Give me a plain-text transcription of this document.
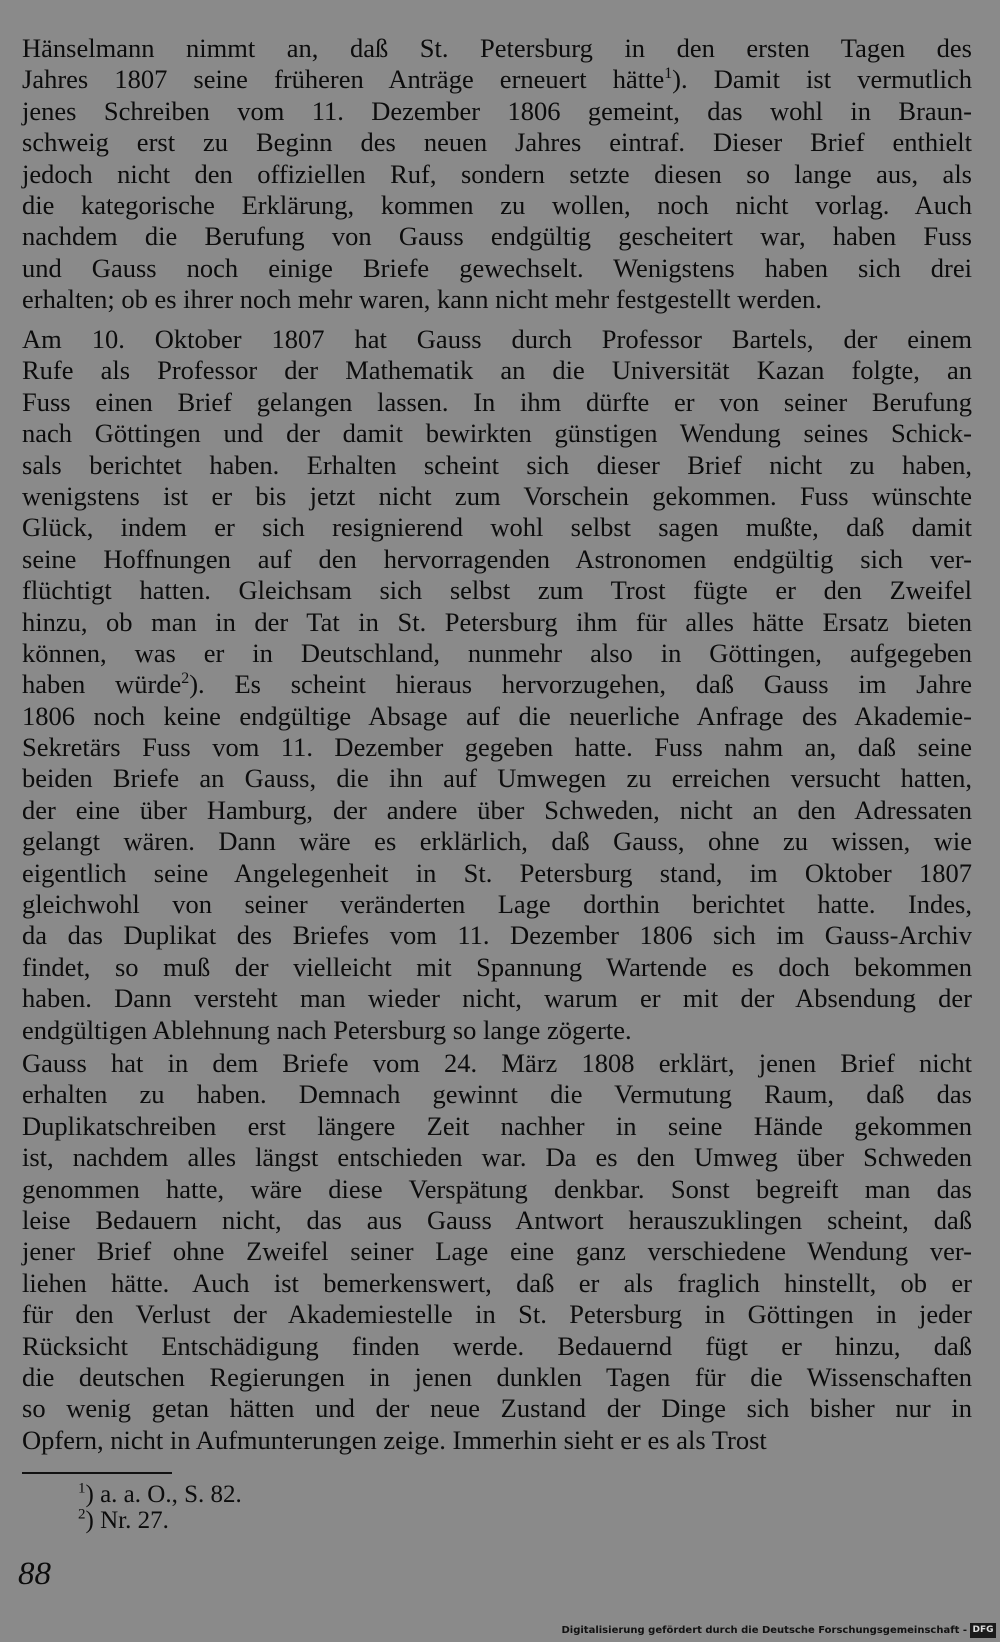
Hänselmann nimmt an, daß St. Petersburg in den ersten Tagen des
Jahres 1807 seine früheren Anträge erneuert hätte$^1$). Damit ist vermutlich
jenes Schreiben vom 11. Dezember 1806 gemeint, das wohl in Braun-
schweig erst zu Beginn des neuen Jahres eintraf. Dieser Brief enthielt
jedoch nicht den offiziellen Ruf, sondern setzte diesen so lange aus, als
die kategorische Erklärung, kommen zu wollen, noch nicht vorlag. Auch
nachdem die Berufung von Gauss endgültig gescheitert war, haben Fuss
und Gauss noch einige Briefe gewechselt. Wenigstens haben sich drei
erhalten; ob es ihrer noch mehr waren, kann nicht mehr festgestellt werden.
Am 10. Oktober 1807 hat Gauss durch Professor Bartels, der einem
Rufe als Professor der Mathematik an die Universität Kazan folgte, an
Fuss einen Brief gelangen lassen. In ihm dürfte er von seiner Berufung
nach Göttingen und der damit bewirkten günstigen Wendung seines Schick-
sals berichtet haben. Erhalten scheint sich dieser Brief nicht zu haben,
wenigstens ist er bis jetzt nicht zum Vorschein gekommen. Fuss wünschte
Glück, indem er sich resignierend wohl selbst sagen mußte, daß damit
seine Hoffnungen auf den hervorragenden Astronomen endgültig sich ver-
flüchtigt hatten. Gleichsam sich selbst zum Trost fügte er den Zweifel
hinzu, ob man in der Tat in St. Petersburg ihm für alles hätte Ersatz bieten
können, was er in Deutschland, nunmehr also in Göttingen, aufgegeben
haben würde$^2$). Es scheint hieraus hervorzugehen, daß Gauss im Jahre
1806 noch keine endgültige Absage auf die neuerliche Anfrage des Akademie-
Sekretärs Fuss vom 11. Dezember gegeben hatte. Fuss nahm an, daß seine
beiden Briefe an Gauss, die ihn auf Umwegen zu erreichen versucht hatten,
der eine über Hamburg, der andere über Schweden, nicht an den Adressaten
gelangt wären. Dann wäre es erklärlich, daß Gauss, ohne zu wissen, wie
eigentlich seine Angelegenheit in St. Petersburg stand, im Oktober 1807
gleichwohl von seiner veränderten Lage dorthin berichtet hatte. Indes,
da das Duplikat des Briefes vom 11. Dezember 1806 sich im Gauss-Archiv
findet, so muß der vielleicht mit Spannung Wartende es doch bekommen
haben. Dann versteht man wieder nicht, warum er mit der Absendung der
endgültigen Ablehnung nach Petersburg so lange zögerte.
Gauss hat in dem Briefe vom 24. März 1808 erklärt, jenen Brief nicht
erhalten zu haben. Demnach gewinnt die Vermutung Raum, daß das
Duplikatschreiben erst längere Zeit nachher in seine Hände gekommen
ist, nachdem alles längst entschieden war. Da es den Umweg über Schweden
genommen hatte, wäre diese Verspätung denkbar. Sonst begreift man das
leise Bedauern nicht, das aus Gauss Antwort herauszuklingen scheint, daß
jener Brief ohne Zweifel seiner Lage eine ganz verschiedene Wendung ver-
liehen hätte. Auch ist bemerkenswert, daß er als fraglich hinstellt, ob er
für den Verlust der Akademiestelle in St. Petersburg in Göttingen in jeder
Rücksicht Entschädigung finden werde. Bedauernd fügt er hinzu, daß
die deutschen Regierungen in jenen dunklen Tagen für die Wissenschaften
so wenig getan hätten und der neue Zustand der Dinge sich bisher nur in
Opfern, nicht in Aufmunterungen zeige. Immerhin sieht er es als Trost
$^1$) a. a. O., S. 82.
$^2$) Nr. 27.
88
Digitalisierung gefördert durch die Deutsche Forschungsgemeinschaft - DFG
